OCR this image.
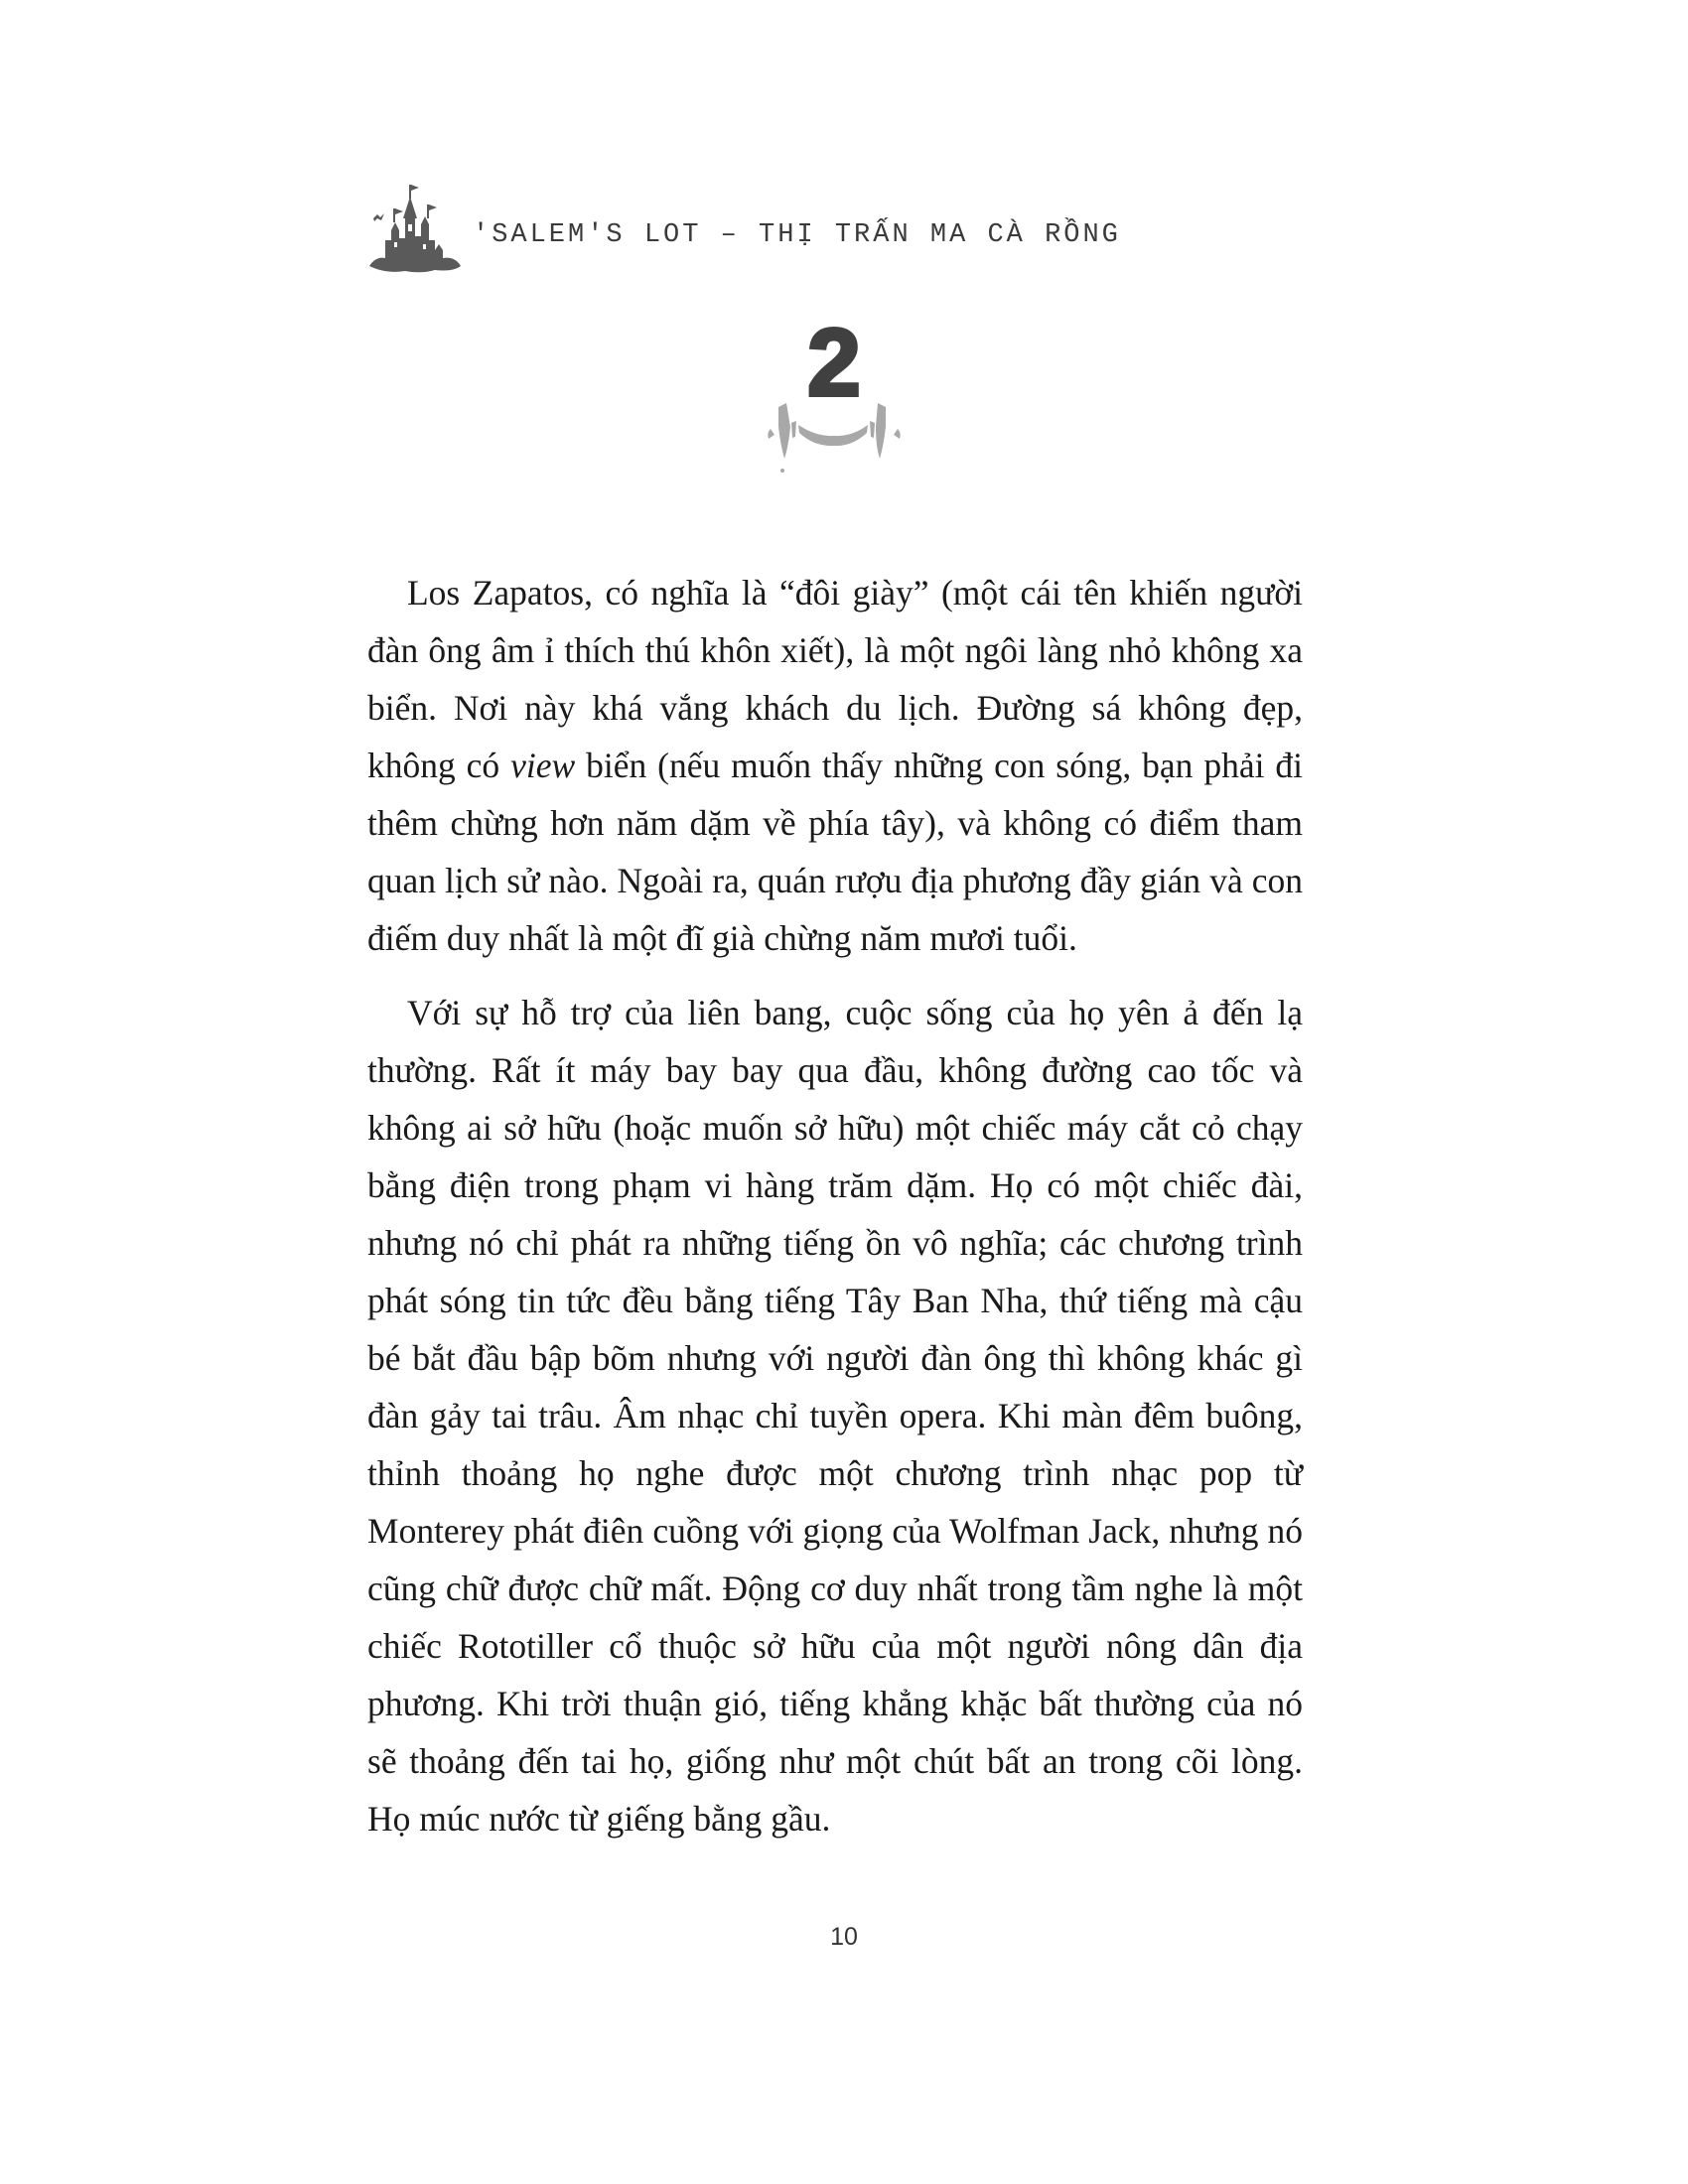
'SALEM'S LOT – THỊ TRẤN MA CÀ RỒNG
2

Los Zapatos, có nghĩa là “đôi giày” (một cái tên khiến người đàn ông âm ỉ thích thú khôn xiết), là một ngôi làng nhỏ không xa biển. Nơi này khá vắng khách du lịch. Đường sá không đẹp, không có view biển (nếu muốn thấy những con sóng, bạn phải đi thêm chừng hơn năm dặm về phía tây), và không có điểm tham quan lịch sử nào. Ngoài ra, quán rượu địa phương đầy gián và con điếm duy nhất là một đĩ già chừng năm mươi tuổi.

Với sự hỗ trợ của liên bang, cuộc sống của họ yên ả đến lạ thường. Rất ít máy bay bay qua đầu, không đường cao tốc và không ai sở hữu (hoặc muốn sở hữu) một chiếc máy cắt cỏ chạy bằng điện trong phạm vi hàng trăm dặm. Họ có một chiếc đài, nhưng nó chỉ phát ra những tiếng ồn vô nghĩa; các chương trình phát sóng tin tức đều bằng tiếng Tây Ban Nha, thứ tiếng mà cậu bé bắt đầu bập bõm nhưng với người đàn ông thì không khác gì đàn gảy tai trâu. Âm nhạc chỉ tuyền opera. Khi màn đêm buông, thỉnh thoảng họ nghe được một chương trình nhạc pop từ Monterey phát điên cuồng với giọng của Wolfman Jack, nhưng nó cũng chữ được chữ mất. Động cơ duy nhất trong tầm nghe là một chiếc Rototiller cổ thuộc sở hữu của một người nông dân địa phương. Khi trời thuận gió, tiếng khẳng khặc bất thường của nó sẽ thoảng đến tai họ, giống như một chút bất an trong cõi lòng. Họ múc nước từ giếng bằng gầu.

10
